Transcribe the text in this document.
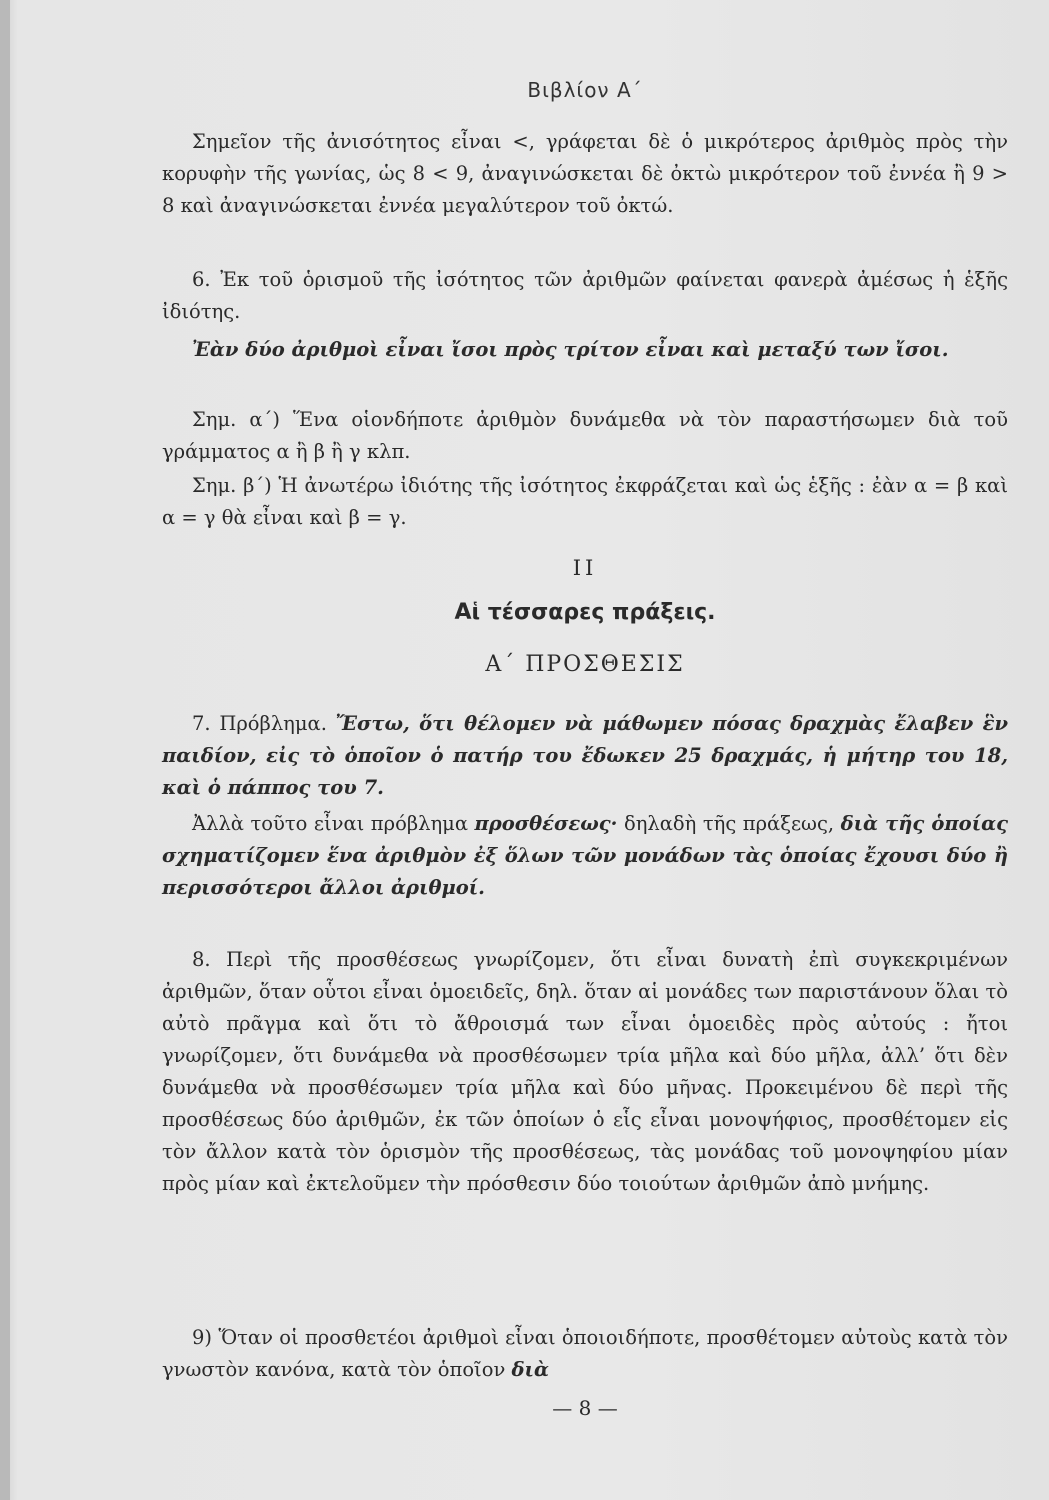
Βιβλίον Α΄

Σημεῖον τῆς ἀνισότητος εἶναι <, γράφεται δὲ ὁ μικρότερος ἀριθμὸς πρὸς τὴν κορυφὴν τῆς γωνίας, ὡς 8 < 9, ἀναγινώσκεται δὲ ὀκτὼ μικρότερον τοῦ ἐννέα ἢ 9 > 8 καὶ ἀναγινώσκεται ἐννέα μεγαλύτερον τοῦ ὀκτώ.

6. Ἐκ τοῦ ὁρισμοῦ τῆς ἰσότητος τῶν ἀριθμῶν φαίνεται φανερὰ ἀμέσως ἡ ἑξῆς ἰδιότης.

Ἐὰν δύο ἀριθμοὶ εἶναι ἴσοι πρὸς τρίτον εἶναι καὶ μεταξύ των ἴσοι.

Σημ. α΄) Ἕνα οἱονδήποτε ἀριθμὸν δυνάμεθα νὰ τὸν παραστήσωμεν διὰ τοῦ γράμματος α ἢ β ἢ γ κλπ.

Σημ. β΄) Ἡ ἀνωτέρω ἰδιότης τῆς ἰσότητος ἐκφράζεται καὶ ὡς ἑξῆς : ἐὰν α = β καὶ α = γ θὰ εἶναι καὶ β = γ.

II
Αἱ τέσσαρες πράξεις.
Α΄ ΠΡΟΣΘΕΣΙΣ

7. Πρόβλημα. Ἔστω, ὅτι θέλομεν νὰ μάθωμεν πόσας δραχμὰς ἔλαβεν ἓν παιδίον, εἰς τὸ ὁποῖον ὁ πατήρ του ἔδωκεν 25 δραχμάς, ἡ μήτηρ του 18, καὶ ὁ πάππος του 7.

Ἀλλὰ τοῦτο εἶναι πρόβλημα προσθέσεως· δηλαδὴ τῆς πράξεως, διὰ τῆς ὁποίας σχηματίζομεν ἕνα ἀριθμὸν ἐξ ὅλων τῶν μονάδων τὰς ὁποίας ἔχουσι δύο ἢ περισσότεροι ἄλλοι ἀριθμοί.

8. Περὶ τῆς προσθέσεως γνωρίζομεν, ὅτι εἶναι δυνατὴ ἐπὶ συγκεκριμένων ἀριθμῶν, ὅταν οὗτοι εἶναι ὁμοειδεῖς, δηλ. ὅταν αἱ μονάδες των παριστάνουν ὅλαι τὸ αὐτὸ πρᾶγμα καὶ ὅτι τὸ ἄθροισμά των εἶναι ὁμοειδὲς πρὸς αὐτούς : ἤτοι γνωρίζομεν, ὅτι δυνάμεθα νὰ προσθέσωμεν τρία μῆλα καὶ δύο μῆλα, ἀλλ’ ὅτι δὲν δυνάμεθα νὰ προσθέσωμεν τρία μῆλα καὶ δύο μῆνας. Προκειμένου δὲ περὶ τῆς προσθέσεως δύο ἀριθμῶν, ἐκ τῶν ὁποίων ὁ εἷς εἶναι μονοψήφιος, προσθέτομεν εἰς τὸν ἄλλον κατὰ τὸν ὁρισμὸν τῆς προσθέσεως, τὰς μονάδας τοῦ μονοψηφίου μίαν πρὸς μίαν καὶ ἐκτελοῦμεν τὴν πρόσθεσιν δύο τοιούτων ἀριθμῶν ἀπὸ μνήμης.

9) Ὅταν οἱ προσθετέοι ἀριθμοὶ εἶναι ὁποιοιδήποτε, προσθέτομεν αὐτοὺς κατὰ τὸν γνωστὸν κανόνα, κατὰ τὸν ὁποῖον διὰ

— 8 —
